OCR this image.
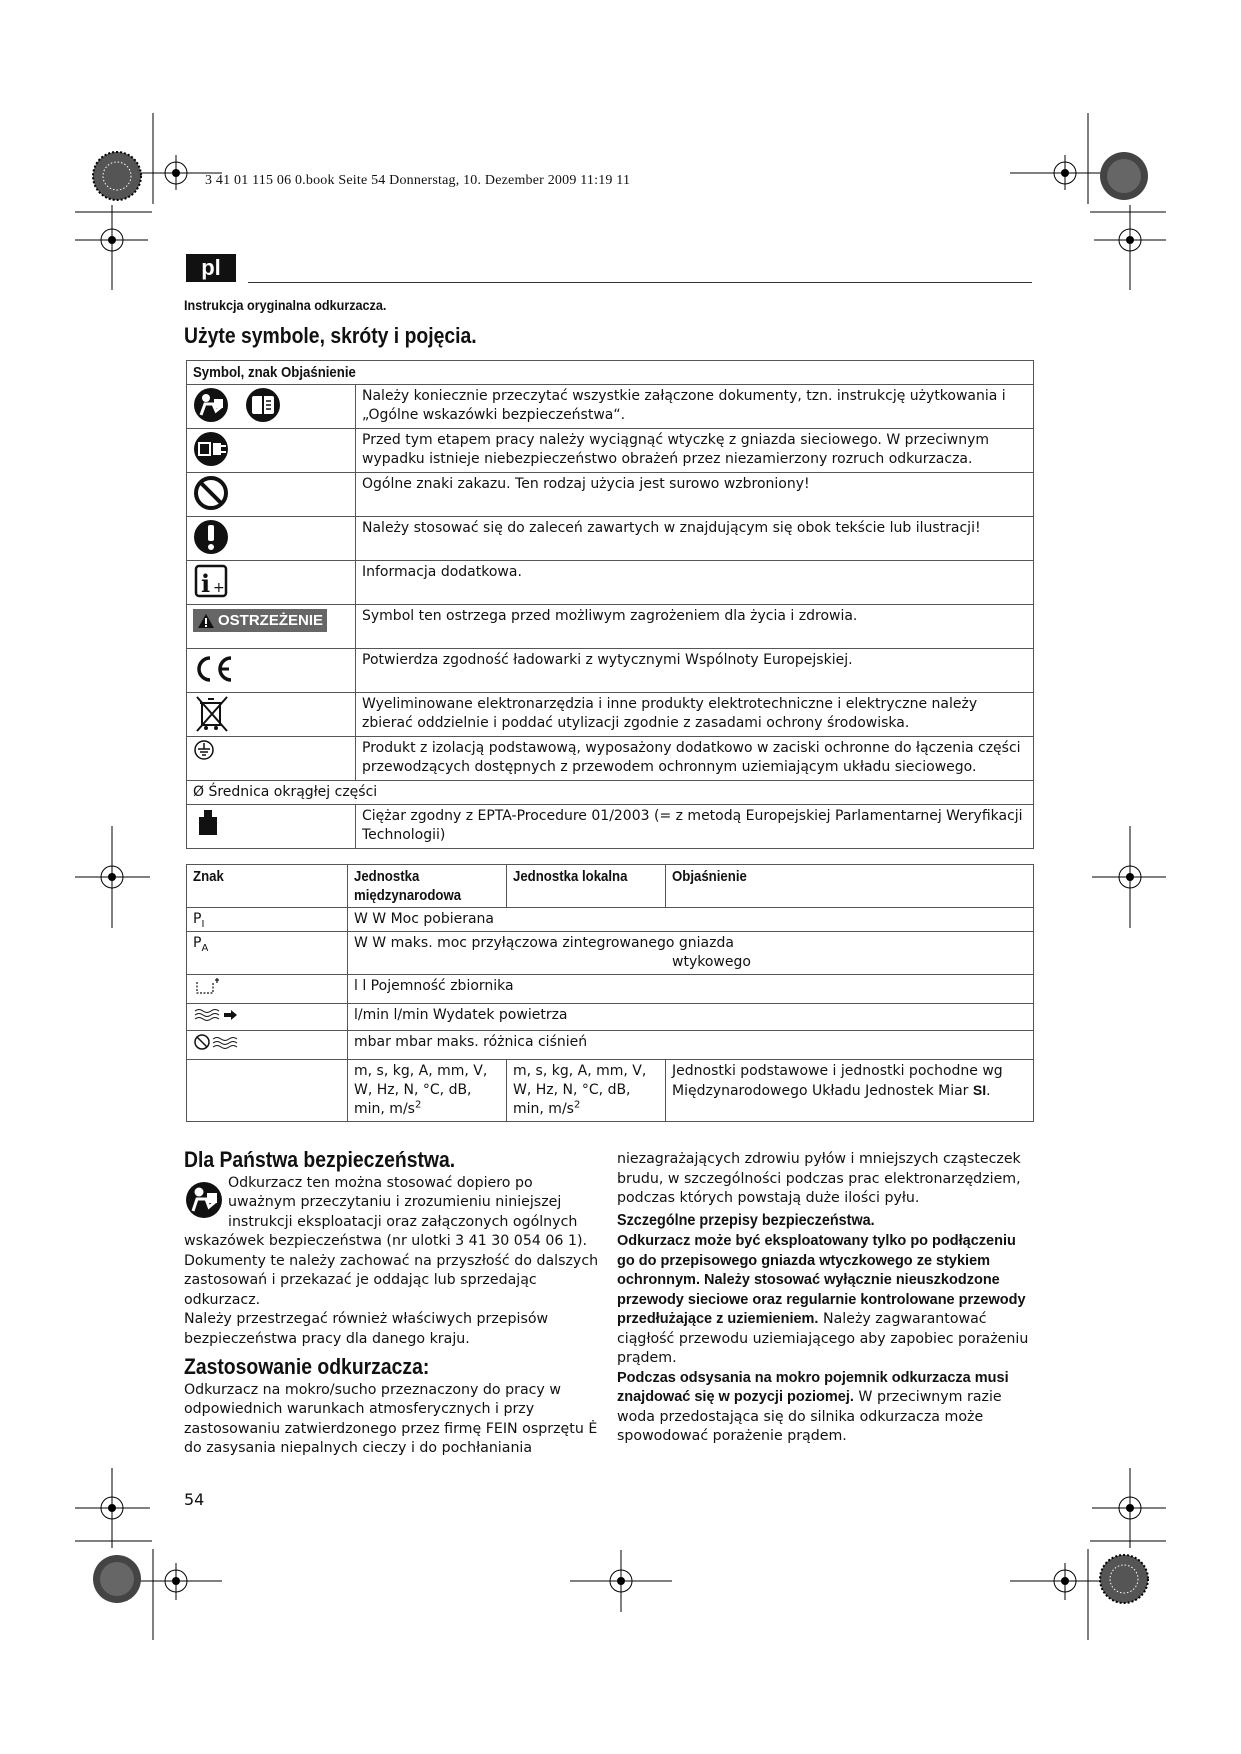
3 41 01 115 06 0.book Seite 54 Donnerstag, 10. Dezember 2009 11:19 11
pl
Instrukcja oryginalna odkurzacza.
Użyte symbole, skróty i pojęcia.
Symbol, znak Objaśnienie	

	Należy koniecznie przeczytać wszystkie załączone dokumenty, tzn. instrukcję użytkowania i „Ogólne wskazówki bezpieczeństwa“.

	Przed tym etapem pracy należy wyciągnąć wtyczkę z gniazda sieciowego. W przeciwnym wypadku istnieje niebezpieczeństwo obrażeń przez niezamierzony rozruch odkurzacza.

	Ogólne znaki zakazu. Ten rodzaj użycia jest surowo wzbroniony!

	Należy stosować się do zaleceń zawartych w znajdującym się obok tekście lub ilustracji!

i +	Informacja dodatkowa.

OSTRZEŻENIE	Symbol ten ostrzega przed możliwym zagrożeniem dla życia i zdrowia.

	Potwierdza zgodność ładowarki z wytycznymi Wspólnoty Europejskiej.

	Wyeliminowane elektronarzędzia i inne produkty elektrotechniczne i elektryczne należy zbierać oddzielnie i poddać utylizacji zgodnie z zasadami ochrony środowiska.

	Produkt z izolacją podstawową, wyposażony dodatkowo w zaciski ochronne do łączenia części przewodzących dostępnych z przewodem ochronnym uziemiającym układu sieciowego.
Ø Średnica okrągłej części	

	Ciężar zgodny z EPTA-Procedure 01/2003 (= z metodą Europejskiej Parlamentarnej Weryfikacji Technologii)
Znak	Jednostka
międzynarodowa	Jednostka lokalna	Objaśnienie
$P_I$	W W Moc pobierana		
$P_A$	W W maks. moc przyłączowa zintegrowanego gniazda
wtykowego		
	l l Pojemność zbiornika		
	l/min l/min Wydatek powietrza		
	mbar mbar maks. różnica ciśnień		
	m, s, kg, A, mm, V,
W, Hz, N, °C, dB,
min, $m/s^2$	m, s, kg, A, mm, V,
W, Hz, N, °C, dB,
min, $m/s^2$	Jednostki podstawowe i jednostki pochodne wg
Międzynarodowego Układu Jednostek Miar SI.
Dla Państwa bezpieczeństwa.

Odkurzacz ten można stosować dopiero po

uważnym przeczytaniu i zrozumieniu niniejszej

instrukcji eksploatacji oraz załączonych ogólnych

wskazówek bezpieczeństwa (nr ulotki 3 41 30 054 06 1). Dokumenty te należy zachować na przyszłość do dalszych zastosowań i przekazać je oddając lub sprzedając odkurzacz.

Należy przestrzegać również właściwych przepisów bezpieczeństwa pracy dla danego kraju.

Zastosowanie odkurzacza:

Odkurzacz na mokro/sucho przeznaczony do pracy w odpowiednich warunkach atmosferycznych i przy zastosowaniu zatwierdzonego przez firmę FEIN osprzętu Ė do zasysania niepalnych cieczy i do pochłaniania

niezagrażających zdrowiu pyłów i mniejszych cząsteczek brudu, w szczególności podczas prac elektronarzędziem, podczas których powstają duże ilości pyłu.

Szczególne przepisy bezpieczeństwa.

Odkurzacz może być eksploatowany tylko po podłączeniu go do przepisowego gniazda wtyczkowego ze stykiem ochronnym. Należy stosować wyłącznie nieuszkodzone przewody sieciowe oraz regularnie kontrolowane przewody przedłużające z uziemieniem. Należy zagwarantować ciągłość przewodu uziemiającego aby zapobiec porażeniu prądem.

Podczas odsysania na mokro pojemnik odkurzacza musi znajdować się w pozycji poziomej. W przeciwnym razie woda przedostająca się do silnika odkurzacza może spowodować porażenie prądem.

54
